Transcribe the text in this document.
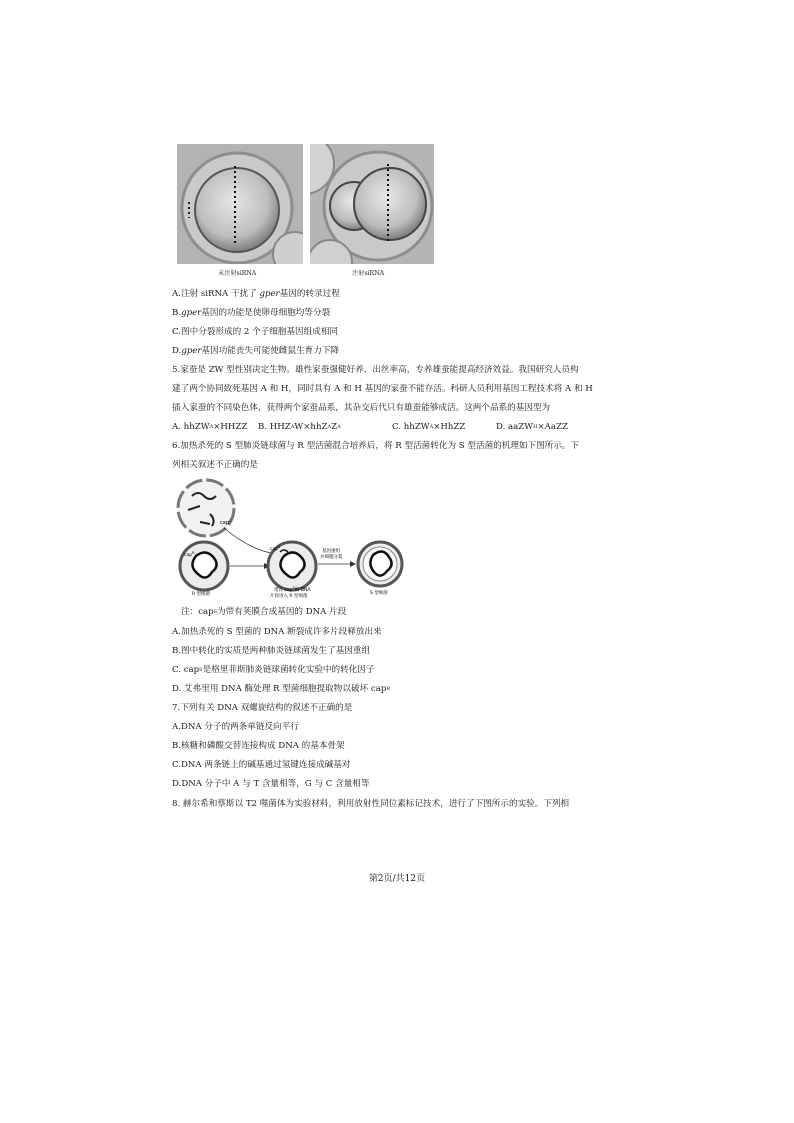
未注射siRNA	注射siRNA
A.注射 siRNA 干扰了 gper基因的转录过程
B.gper基因的功能是使卵母细胞均等分裂
C.图中分裂形成的 2 个子细胞基因组成相同
D.gper基因功能丧失可能使雌鼠生育力下降
5.家蚕是 ZW 型性别决定生物。雄性家蚕强健好养、出丝率高，专养雄蚕能提高经济效益。我国研究人员构
建了两个协同致死基因 A 和 H，同时具有 A 和 H 基因的家蚕不能存活。科研人员利用基因工程技术将 A 和 H
插入家蚕的不同染色体，获得两个家蚕品系，其杂交后代只有雄蚕能够成活。这两个品系的基因型为
A. hhZW$^A$×HHZZ B. $HHZ^AW\times hhZ^AZ^A$	C. hhZW$^A$×HhZZ	D. aaZW$^H$×AaZZ
6.加热杀死的 S 型肺炎链球菌与 R 型活菌混合培养后，将 R 型活菌转化为 S 型活菌的机理如下图所示。下
列相关叙述不正确的是
cap$^S$
cap$^R$
R 型细菌
cap$^S$
带有 cap$^S$的 DNA
片段进入 R 型细菌
基因重组
并细胞分裂
S 型细菌
注：cap$^S$为带有荚膜合成基因的 DNA 片段
A.加热杀死的 S 型菌的 DNA 断裂成许多片段释放出来
B.图中转化的实质是两种肺炎链球菌发生了基因重组
C. cap$^S$是格里菲斯肺炎链球菌转化实验中的转化因子
D. 艾弗里用 DNA 酶处理 R 型菌细胞提取物以破坏 cap$^R$
7.下列有关 DNA 双螺旋结构的叙述不正确的是
A.DNA 分子的两条单链反向平行
B.核糖和磷酸交替连接构成 DNA 的基本骨架
C.DNA 两条链上的碱基通过氢键连接成碱基对
D.DNA 分子中 A 与 T 含量相等，G 与 C 含量相等
8. 赫尔希和蔡斯以 T2 噬菌体为实验材料，利用放射性同位素标记技术，进行了下图所示的实验。下列相
第2页/共12页
